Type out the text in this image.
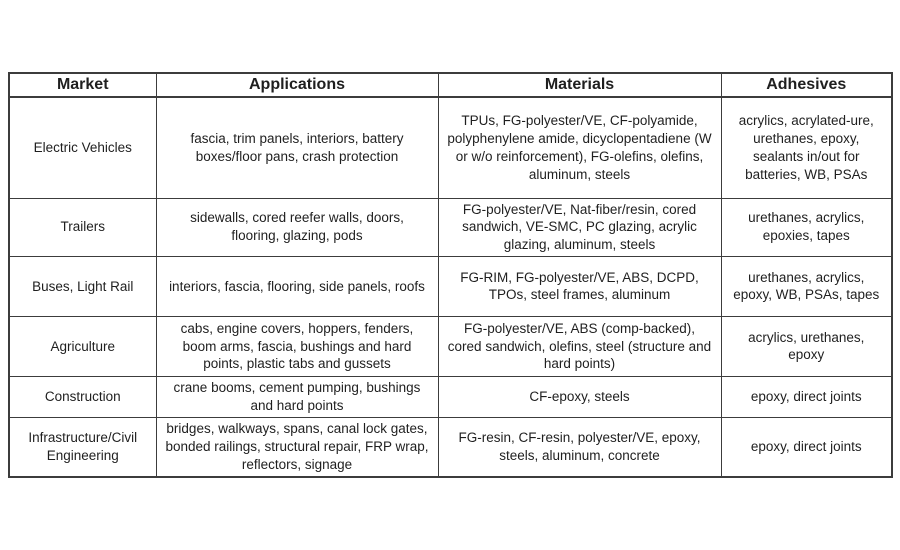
Market	Applications	Materials	Adhesives
Electric Vehicles	fascia, trim panels, interiors, battery boxes/floor pans, crash protection	TPUs, FG-polyester/VE, CF-polyamide, polyphenylene amide, dicyclopentadiene (W or w/o reinforcement), FG-olefins, olefins, aluminum, steels	acrylics, acrylated-ure, urethanes, epoxy, sealants in/out for batteries, WB, PSAs
Trailers	sidewalls, cored reefer walls, doors, flooring, glazing, pods	FG-polyester/VE, Nat-fiber/resin, cored sandwich, VE-SMC, PC glazing, acrylic glazing, aluminum, steels	urethanes, acrylics, epoxies, tapes
Buses, Light Rail	interiors, fascia, flooring, side panels, roofs	FG-RIM, FG-polyester/VE, ABS, DCPD, TPOs, steel frames, aluminum	urethanes, acrylics, epoxy, WB, PSAs, tapes
Agriculture	cabs, engine covers, hoppers, fenders, boom arms, fascia, bushings and hard points, plastic tabs and gussets	FG-polyester/VE, ABS (comp-backed), cored sandwich, olefins, steel (structure and hard points)	acrylics, urethanes, epoxy
Construction	crane booms, cement pumping, bushings and hard points	CF-epoxy, steels	epoxy, direct joints
Infrastructure/Civil Engineering	bridges, walkways, spans, canal lock gates, bonded railings, structural repair, FRP wrap, reflectors, signage	FG-resin, CF-resin, polyester/VE, epoxy, steels, aluminum, concrete	epoxy, direct joints
